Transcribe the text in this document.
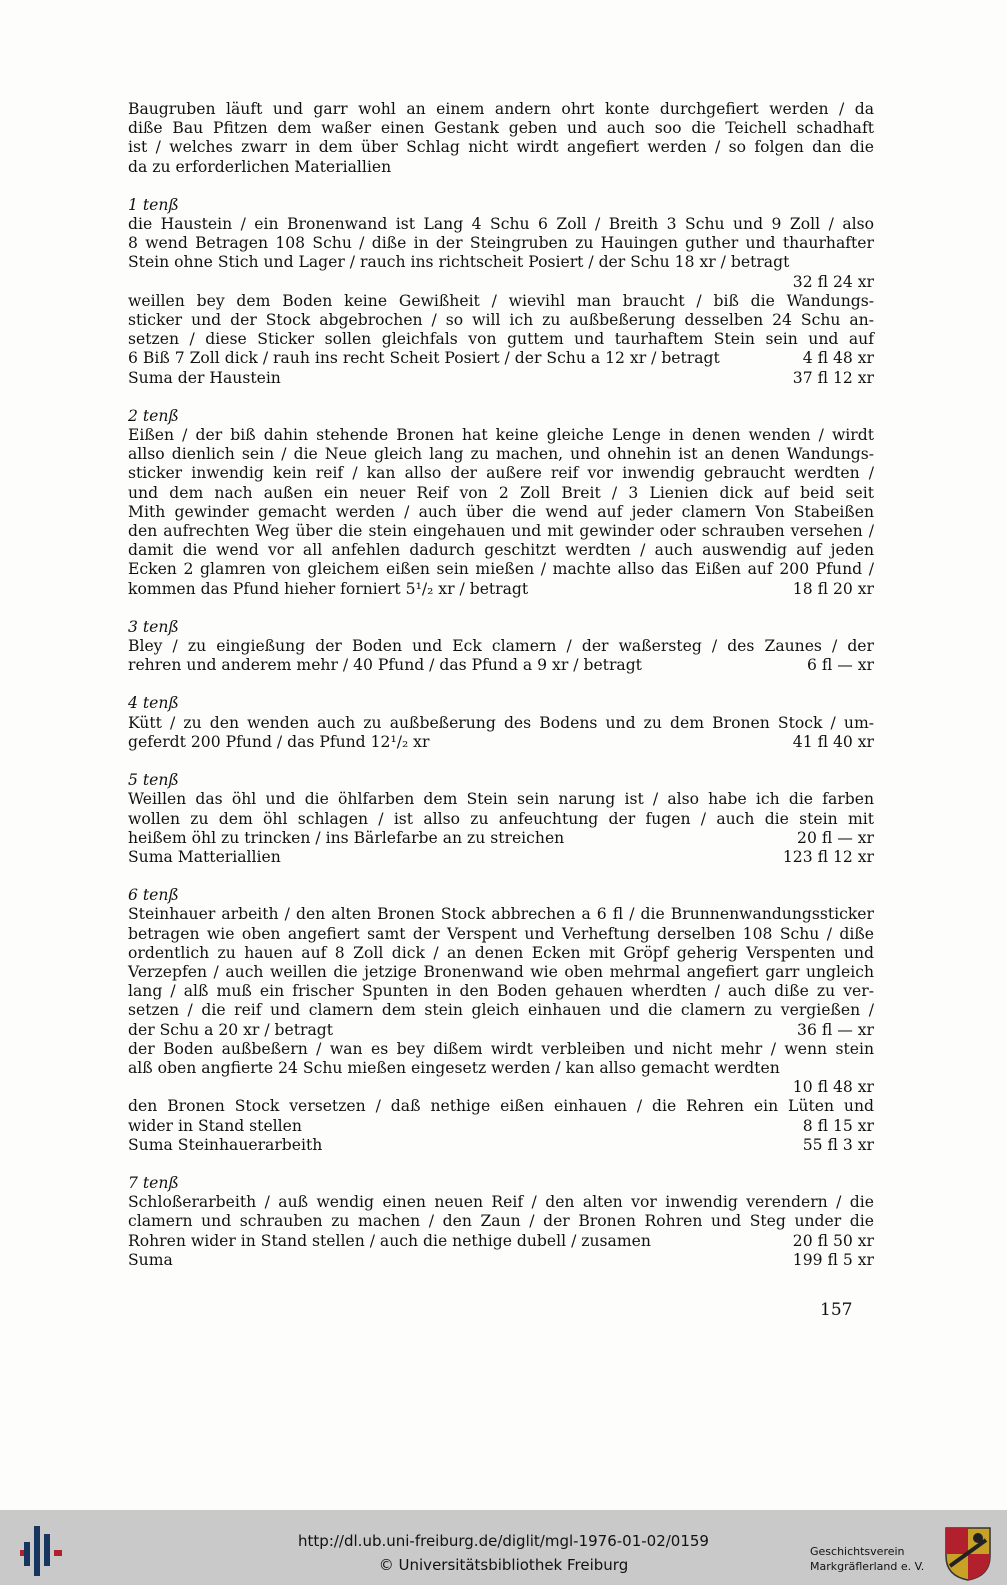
Baugruben läuft und garr wohl an einem andern ohrt konte durchgefiert werden / da
diße Bau Pfitzen dem waßer einen Gestank geben und auch soo die Teichell schadhaft
ist / welches zwarr in dem über Schlag nicht wirdt angefiert werden / so folgen dan die
da zu erforderlichen Materiallien
1 tenß
die Haustein / ein Bronenwand ist Lang 4 Schu 6 Zoll / Breith 3 Schu und 9 Zoll / also
8 wend Betragen 108 Schu / diße in der Steingruben zu Hauingen guther und thaurhafter
Stein ohne Stich und Lager / rauch ins richtscheit Posiert / der Schu 18 xr / betragt
32 fl 24 xr
weillen bey dem Boden keine Gewißheit / wievihl man braucht / biß die Wandungs-
sticker und der Stock abgebrochen / so will ich zu außbeßerung desselben 24 Schu an-
setzen / diese Sticker sollen gleichfals von guttem und taurhaftem Stein sein und auf
6 Biß 7 Zoll dick / rauh ins recht Scheit Posiert / der Schu a 12 xr / betragt	4 fl 48 xr
Suma der Haustein	37 fl 12 xr
2 tenß
Eißen / der biß dahin stehende Bronen hat keine gleiche Lenge in denen wenden / wirdt
allso dienlich sein / die Neue gleich lang zu machen, und ohnehin ist an denen Wandungs-
sticker inwendig kein reif / kan allso der außere reif vor inwendig gebraucht werdten /
und dem nach außen ein neuer Reif von 2 Zoll Breit / 3 Lienien dick auf beid seit
Mith gewinder gemacht werden / auch über die wend auf jeder clamern Von Stabeißen
den aufrechten Weg über die stein eingehauen und mit gewinder oder schrauben versehen /
damit die wend vor all anfehlen dadurch geschitzt werdten / auch auswendig auf jeden
Ecken 2 glamren von gleichem eißen sein mießen / machte allso das Eißen auf 200 Pfund /
kommen das Pfund hieher forniert 5¹/₂ xr / betragt	18 fl 20 xr
3 tenß
Bley / zu eingießung der Boden und Eck clamern / der waßersteg / des Zaunes / der
rehren und anderem mehr / 40 Pfund / das Pfund a 9 xr / betragt	6 fl — xr
4 tenß
Kütt / zu den wenden auch zu außbeßerung des Bodens und zu dem Bronen Stock / um-
geferdt 200 Pfund / das Pfund 12¹/₂ xr	41 fl 40 xr
5 tenß
Weillen das öhl und die öhlfarben dem Stein sein narung ist / also habe ich die farben
wollen zu dem öhl schlagen / ist allso zu anfeuchtung der fugen / auch die stein mit
heißem öhl zu trincken / ins Bärlefarbe an zu streichen	20 fl — xr
Suma Matteriallien	123 fl 12 xr
6 tenß
Steinhauer arbeith / den alten Bronen Stock abbrechen a 6 fl / die Brunnenwandungssticker
betragen wie oben angefiert samt der Verspent und Verheftung derselben 108 Schu / diße
ordentlich zu hauen auf 8 Zoll dick / an denen Ecken mit Gröpf geherig Verspenten und
Verzepfen / auch weillen die jetzige Bronenwand wie oben mehrmal angefiert garr ungleich
lang / alß muß ein frischer Spunten in den Boden gehauen wherdten / auch diße zu ver-
setzen / die reif und clamern dem stein gleich einhauen und die clamern zu vergießen /
der Schu a 20 xr / betragt	36 fl — xr
der Boden außbeßern / wan es bey dißem wirdt verbleiben und nicht mehr / wenn stein
alß oben angfierte 24 Schu mießen eingesetz werden / kan allso gemacht werdten
10 fl 48 xr
den Bronen Stock versetzen / daß nethige eißen einhauen / die Rehren ein Lüten und
wider in Stand stellen	8 fl 15 xr
Suma Steinhauerarbeith	55 fl 3 xr
7 tenß
Schloßerarbeith / auß wendig einen neuen Reif / den alten vor inwendig verendern / die
clamern und schrauben zu machen / den Zaun / der Bronen Rohren und Steg under die
Rohren wider in Stand stellen / auch die nethige dubell / zusamen	20 fl 50 xr
Suma	199 fl 5 xr
157
http://dl.ub.uni-freiburg.de/diglit/mgl-1976-01-02/0159
© Universitätsbibliothek Freiburg
Geschichtsverein
Markgräflerland e. V.
